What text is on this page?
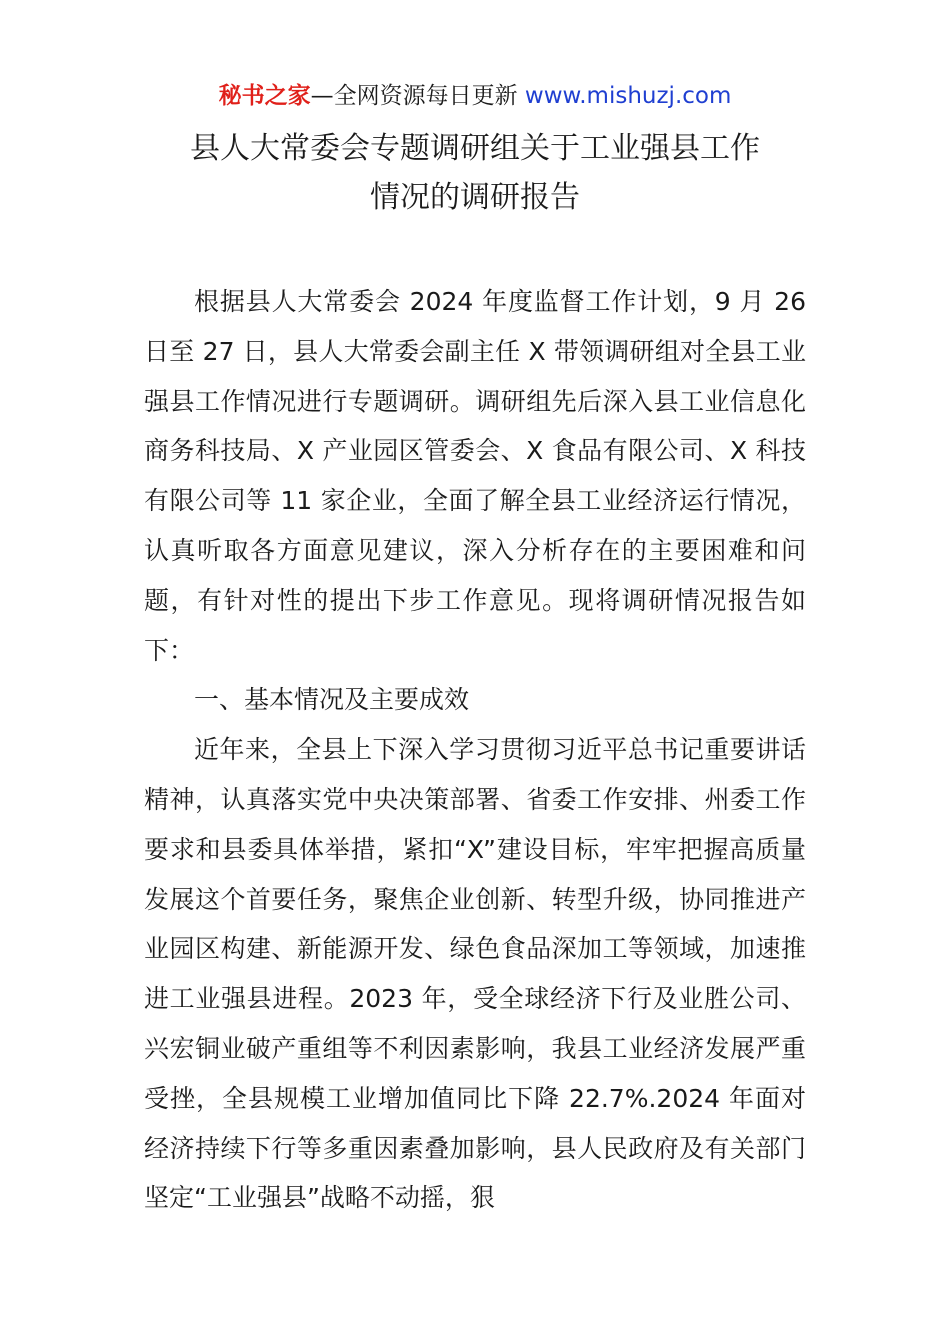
秘书之家—全网资源每日更新 www.mishuzj.com
县人大常委会专题调研组关于工业强县工作
情况的调研报告

根据县人大常委会 2024 年度监督工作计划，9 月 26 日至 27 日，县人大常委会副主任 X 带领调研组对全县工业强县工作情况进行专题调研。调研组先后深入县工业信息化商务科技局、X 产业园区管委会、X 食品有限公司、X 科技有限公司等 11 家企业，全面了解全县工业经济运行情况，认真听取各方面意见建议，深入分析存在的主要困难和问题，有针对性的提出下步工作意见。现将调研情况报告如下：

一、基本情况及主要成效

近年来，全县上下深入学习贯彻习近平总书记重要讲话精神，认真落实党中央决策部署、省委工作安排、州委工作要求和县委具体举措，紧扣“X”建设目标，牢牢把握高质量发展这个首要任务，聚焦企业创新、转型升级，协同推进产业园区构建、新能源开发、绿色食品深加工等领域，加速推进工业强县进程。2023 年，受全球经济下行及业胜公司、兴宏铜业破产重组等不利因素影响，我县工业经济发展严重受挫，全县规模工业增加值同比下降 22.7%.2024 年面对经济持续下行等多重因素叠加影响，县人民政府及有关部门坚定“工业强县”战略不动摇，狠
